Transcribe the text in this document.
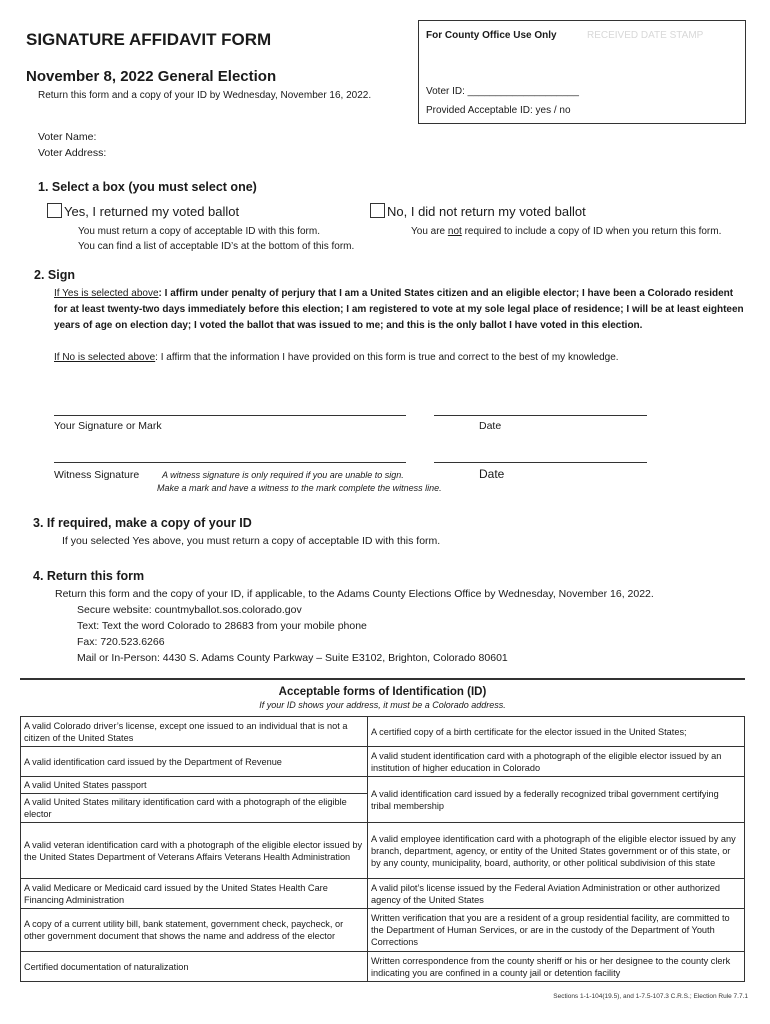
SIGNATURE AFFIDAVIT FORM
November 8, 2022 General Election
Return this form and a copy of your ID by Wednesday, November 16, 2022.
For County Office Use Only	RECEIVED DATE STAMP
Voter ID: ____________________
Provided Acceptable ID: yes / no
Voter Name:
Voter Address:
1. Select a box (you must select one)
Yes, I returned my voted ballot
You must return a copy of acceptable ID with this form.
You can find a list of acceptable ID’s at the bottom of this form.
No, I did not return my voted ballot
You are not required to include a copy of ID when you return this form.
2. Sign
If Yes is selected above: I affirm under penalty of perjury that I am a United States citizen and an eligible elector; I have been a Colorado resident for at least twenty-two days immediately before this election; I am registered to vote at my sole legal place of residence; I will be at least eighteen years of age on election day; I voted the ballot that was issued to me; and this is the only ballot I have voted in this election.
If No is selected above: I affirm that the information I have provided on this form is true and correct to the best of my knowledge.
Your Signature or Mark	Date
Witness Signature	A witness signature is only required if you are unable to sign.
Make a mark and have a witness to the mark complete the witness line.
Date
3. If required, make a copy of your ID
If you selected Yes above, you must return a copy of acceptable ID with this form.
4. Return this form
Return this form and the copy of your ID, if applicable, to the Adams County Elections Office by Wednesday, November 16, 2022.
Secure website: countmyballot.sos.colorado.gov
Text: Text the word Colorado to 28683 from your mobile phone
Fax: 720.523.6266
Mail or In-Person: 4430 S. Adams County Parkway – Suite E3102, Brighton, Colorado 80601
Acceptable forms of Identification (ID)
If your ID shows your address, it must be a Colorado address.
A valid Colorado driver’s license, except one issued to an individual that is not a citizen of the United States	A certified copy of a birth certificate for the elector issued in the United States;
A valid identification card issued by the Department of Revenue	A valid student identification card with a photograph of the eligible elector issued by an institution of higher education in Colorado
A valid United States passport	A valid identification card issued by a federally recognized tribal government certifying tribal membership
A valid United States military identification card with a photograph of the eligible elector	
A valid veteran identification card with a photograph of the eligible elector issued by the United States Department of Veterans Affairs Veterans Health Administration	A valid employee identification card with a photograph of the eligible elector issued by any branch, department, agency, or entity of the United States government or of this state, or by any county, municipality, board, authority, or other political subdivision of this state
A valid Medicare or Medicaid card issued by the United States Health Care Financing Administration	A valid pilot’s license issued by the Federal Aviation Administration or other authorized agency of the United States
A copy of a current utility bill, bank statement, government check, paycheck, or other government document that shows the name and address of the elector	Written verification that you are a resident of a group residential facility, are committed to the Department of Human Services, or are in the custody of the Department of Youth Corrections
Certified documentation of naturalization	Written correspondence from the county sheriff or his or her designee to the county clerk indicating you are confined in a county jail or detention facility
Sections 1-1-104(19.5), and 1-7.5-107.3 C.R.S.; Election Rule 7.7.1
